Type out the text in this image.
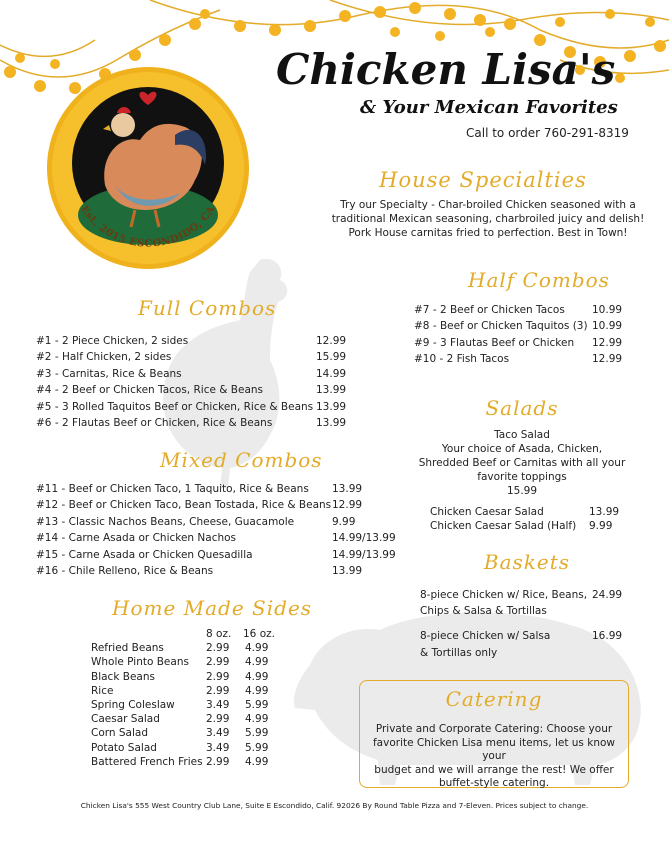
Est. 2015 ESCONDIDO, CA
Chicken Lisa's
& Your Mexican Favorites
Call to order 760-291-8319
House Specialties
Try our Specialty - Char-broiled Chicken seasoned with a
traditional Mexican seasoning, charbroiled juicy and delish!
Pork House carnitas fried to perfection. Best in Town!
Full Combos
#1 - 2 Piece Chicken, 2 sides	12.99
#2 - Half Chicken, 2 sides	15.99
#3 - Carnitas, Rice & Beans	14.99
#4 - 2 Beef or Chicken Tacos, Rice & Beans	13.99
#5 - 3 Rolled Taquitos Beef or Chicken, Rice & Beans 13.99
#6 - 2 Flautas Beef or Chicken, Rice & Beans	13.99
Half Combos
#7 - 2 Beef or Chicken Tacos	10.99
#8 - Beef or Chicken Taquitos (3) 10.99
#9 - 3 Flautas Beef or Chicken 12.99
#10 - 2 Fish Tacos	12.99
Salads
Taco Salad
Your choice of Asada, Chicken,
Shredded Beef or Carnitas with all your
favorite toppings
15.99
Chicken Caesar Salad	13.99
Chicken Caesar Salad (Half) 9.99
Mixed Combos
#11 - Beef or Chicken Taco, 1 Taquito, Rice & Beans 13.99
#12 - Beef or Chicken Taco, Bean Tostada, Rice & Beans 12.99
#13 - Classic Nachos Beans, Cheese, Guacamole	9.99
#14 - Carne Asada or Chicken Nachos	14.99/13.99
#15 - Carne Asada or Chicken Quesadilla	14.99/13.99
#16 - Chile Relleno, Rice & Beans	13.99	Baskets
8-piece Chicken w/ Rice, Beans,
Chips & Salsa & Tortillas
24.99
8-piece Chicken w/ Salsa
& Tortillas only
16.99
Home Made Sides
8 oz. 16 oz.
Refried Beans	2.99 4.99
Whole Pinto Beans 2.99 4.99
Black Beans	2.99 4.99
Rice	2.99 4.99
Spring Coleslaw	3.49 5.99
Caesar Salad	2.99 4.99
Corn Salad	3.49 5.99
Potato Salad	3.49 5.99
Battered French Fries 2.99 4.99
Catering
Private and Corporate Catering: Choose your
favorite Chicken Lisa menu items, let us know your
budget and we will arrange the rest! We offer
buffet-style catering.
Chicken Lisa's 555 West Country Club Lane, Suite E Escondido, Calif. 92026 By Round Table Pizza and 7-Eleven. Prices subject to change.
